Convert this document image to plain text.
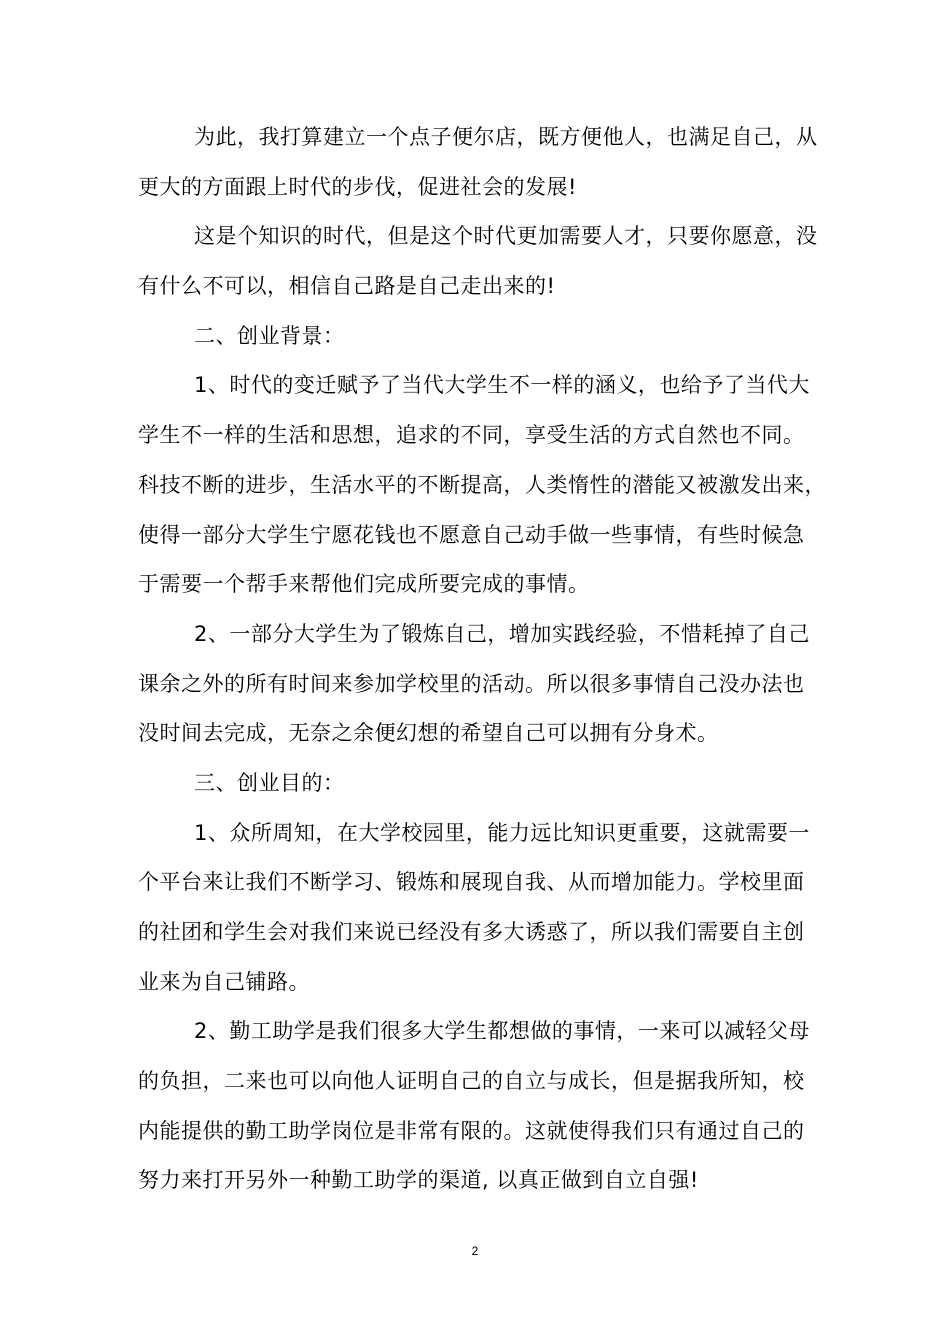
为此，我打算建立一个点子便尔店，既方便他人，也满足自己，从
更大的方面跟上时代的步伐，促进社会的发展!

这是个知识的时代，但是这个时代更加需要人才，只要你愿意，没
有什么不可以，相信自己路是自己走出来的!

二、创业背景：

1、时代的变迁赋予了当代大学生不一样的涵义，也给予了当代大
学生不一样的生活和思想，追求的不同，享受生活的方式自然也不同。
科技不断的进步，生活水平的不断提高，人类惰性的潜能又被激发出来，
使得一部分大学生宁愿花钱也不愿意自己动手做一些事情，有些时候急
于需要一个帮手来帮他们完成所要完成的事情。

2、一部分大学生为了锻炼自己，增加实践经验，不惜耗掉了自己
课余之外的所有时间来参加学校里的活动。所以很多事情自己没办法也
没时间去完成，无奈之余便幻想的希望自己可以拥有分身术。

三、创业目的：

1、众所周知，在大学校园里，能力远比知识更重要，这就需要一
个平台来让我们不断学习、锻炼和展现自我、从而增加能力。学校里面
的社团和学生会对我们来说已经没有多大诱惑了，所以我们需要自主创
业来为自己铺路。

2、勤工助学是我们很多大学生都想做的事情，一来可以减轻父母
的负担，二来也可以向他人证明自己的自立与成长，但是据我所知，校
内能提供的勤工助学岗位是非常有限的。这就使得我们只有通过自己的
努力来打开另外一种勤工助学的渠道, 以真正做到自立自强!

2
